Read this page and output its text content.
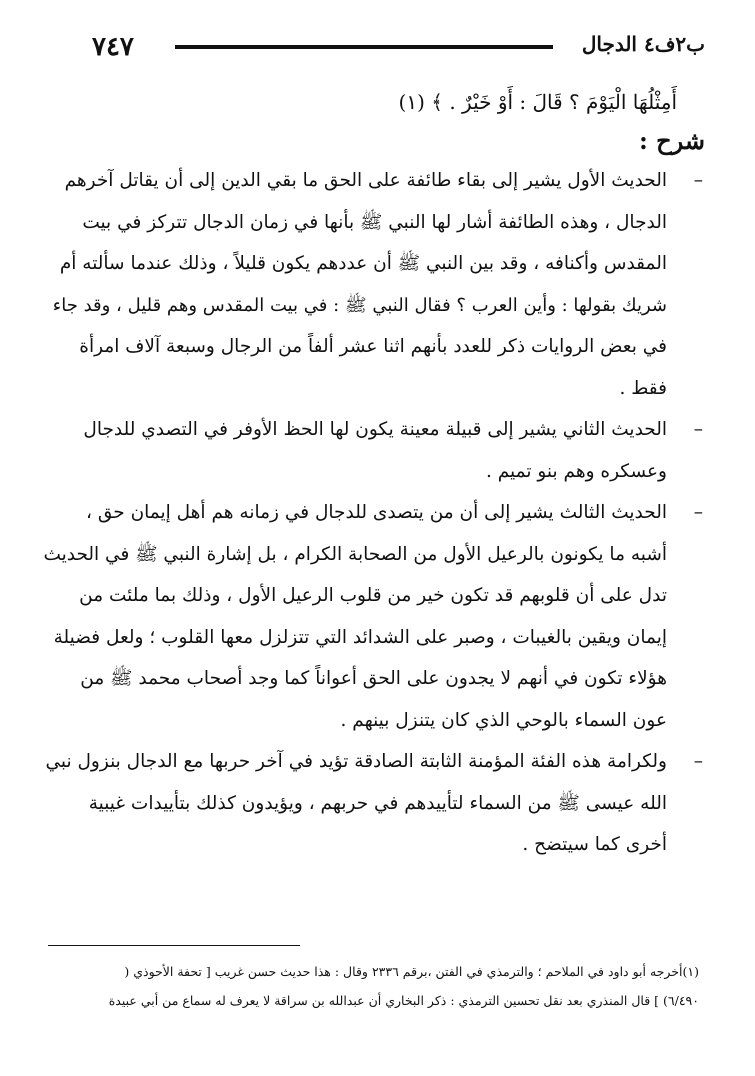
٧٤٧	ب٢ف٤ الدجال
أَمِثْلُهَا الْيَوْمَ ؟ قَالَ : أَوْ خَيْرٌ . ﴾ (١)
شرح :
–
الحديث الأول يشير إلى بقاء طائفة على الحق ما بقي الدين إلى أن يقاتل آخرهم
الدجال ، وهذه الطائفة أشار لها النبي ﷺ بأنها في زمان الدجال تتركز في بيت
المقدس وأكنافه ، وقد بين النبي ﷺ أن عددهم يكون قليلاً ، وذلك عندما سألته أم
شريك بقولها : وأين العرب ؟ فقال النبي ﷺ : في بيت المقدس وهم قليل ، وقد جاء
في بعض الروايات ذكر للعدد بأنهم اثنا عشر ألفاً من الرجال وسبعة آلاف امرأة
فقط .
–
الحديث الثاني يشير إلى قبيلة معينة يكون لها الحظ الأوفر في التصدي للدجال
وعسكره وهم بنو تميم .
–
الحديث الثالث يشير إلى أن من يتصدى للدجال في زمانه هم أهل إيمان حق ،
أشبه ما يكونون بالرعيل الأول من الصحابة الكرام ، بل إشارة النبي ﷺ في الحديث
تدل على أن قلوبهم قد تكون خير من قلوب الرعيل الأول ، وذلك بما ملئت من
إيمان ويقين بالغيبات ، وصبر على الشدائد التي تتزلزل معها القلوب ؛ ولعل فضيلة
هؤلاء تكون في أنهم لا يجدون على الحق أعواناً كما وجد أصحاب محمد ﷺ من
عون السماء بالوحي الذي كان يتنزل بينهم .
–
ولكرامة هذه الفئة المؤمنة الثابتة الصادقة تؤيد في آخر حربها مع الدجال بنزول نبي
الله عيسى ﷺ من السماء لتأييدهم في حربهم ، ويؤيدون كذلك بتأييدات غيبية
أخرى كما سيتضح .
(١)أخرجه أبو داود في الملاحم ؛ والترمذي في الفتن ،برقم ٢٣٣٦ وقال : هذا حديث حسن غريب [ تحفة الأحوذي (
٦/٤٩٠) ] قال المنذري بعد نقل تحسين الترمذي : ذكر البخاري أن عبدالله بن سراقة لا يعرف له سماع من أبي عبيدة
